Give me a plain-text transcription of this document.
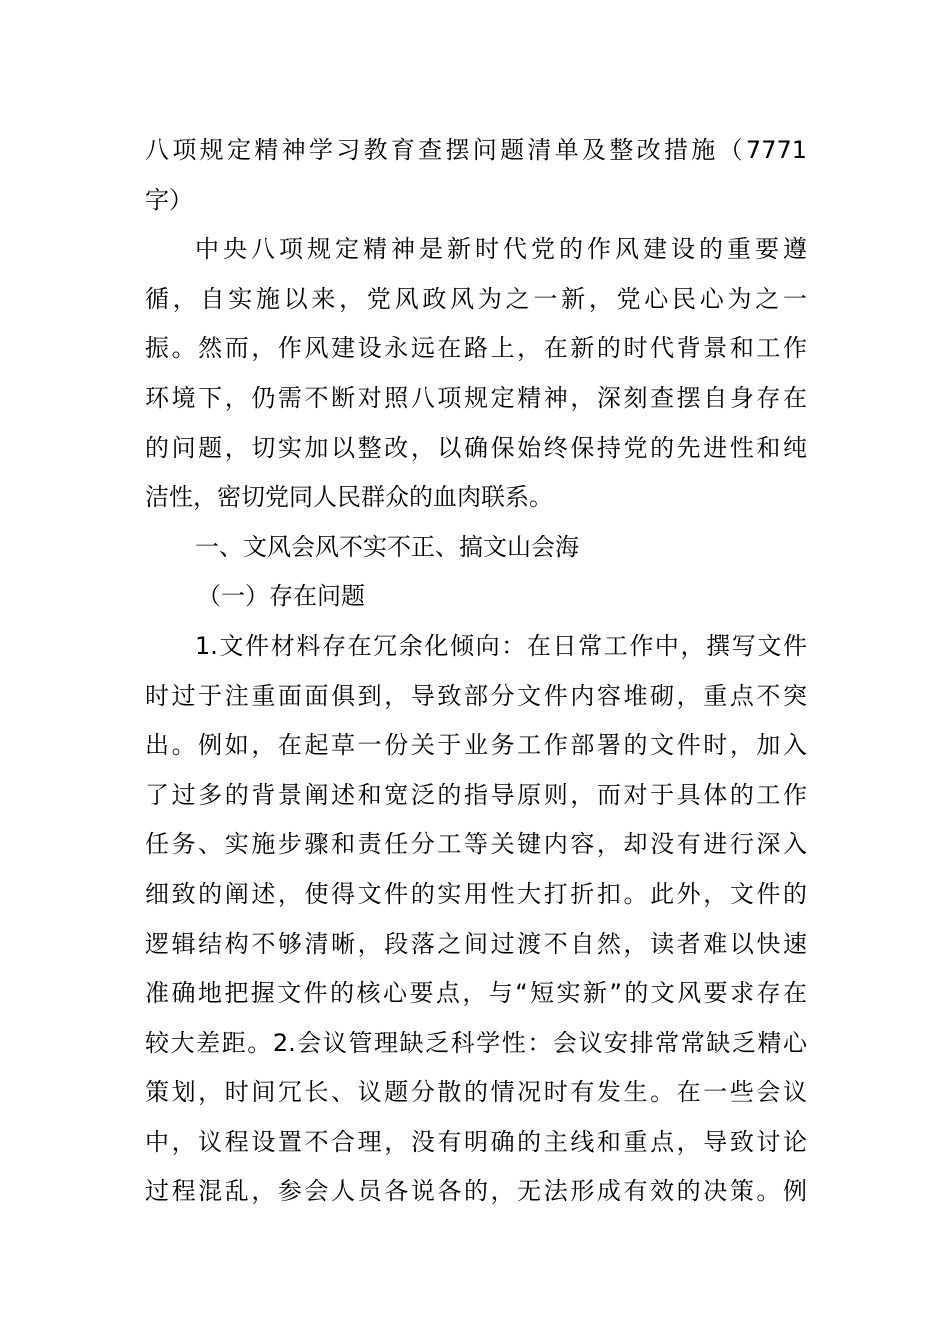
八项规定精神学习教育查摆问题清单及整改措施（7771
字）
中央八项规定精神是新时代党的作风建设的重要遵
循，自实施以来，党风政风为之一新，党心民心为之一
振。然而，作风建设永远在路上，在新的时代背景和工作
环境下，仍需不断对照八项规定精神，深刻查摆自身存在
的问题，切实加以整改，以确保始终保持党的先进性和纯
洁性，密切党同人民群众的血肉联系。
一、文风会风不实不正、搞文山会海
（一）存在问题
1.文件材料存在冗余化倾向：在日常工作中，撰写文件
时过于注重面面俱到，导致部分文件内容堆砌，重点不突
出。例如，在起草一份关于业务工作部署的文件时，加入
了过多的背景阐述和宽泛的指导原则，而对于具体的工作
任务、实施步骤和责任分工等关键内容，却没有进行深入
细致的阐述，使得文件的实用性大打折扣。此外，文件的
逻辑结构不够清晰，段落之间过渡不自然，读者难以快速
准确地把握文件的核心要点，与“短实新”的文风要求存在
较大差距。2.会议管理缺乏科学性：会议安排常常缺乏精心
策划，时间冗长、议题分散的情况时有发生。在一些会议
中，议程设置不合理，没有明确的主线和重点，导致讨论
过程混乱，参会人员各说各的，无法形成有效的决策。例
